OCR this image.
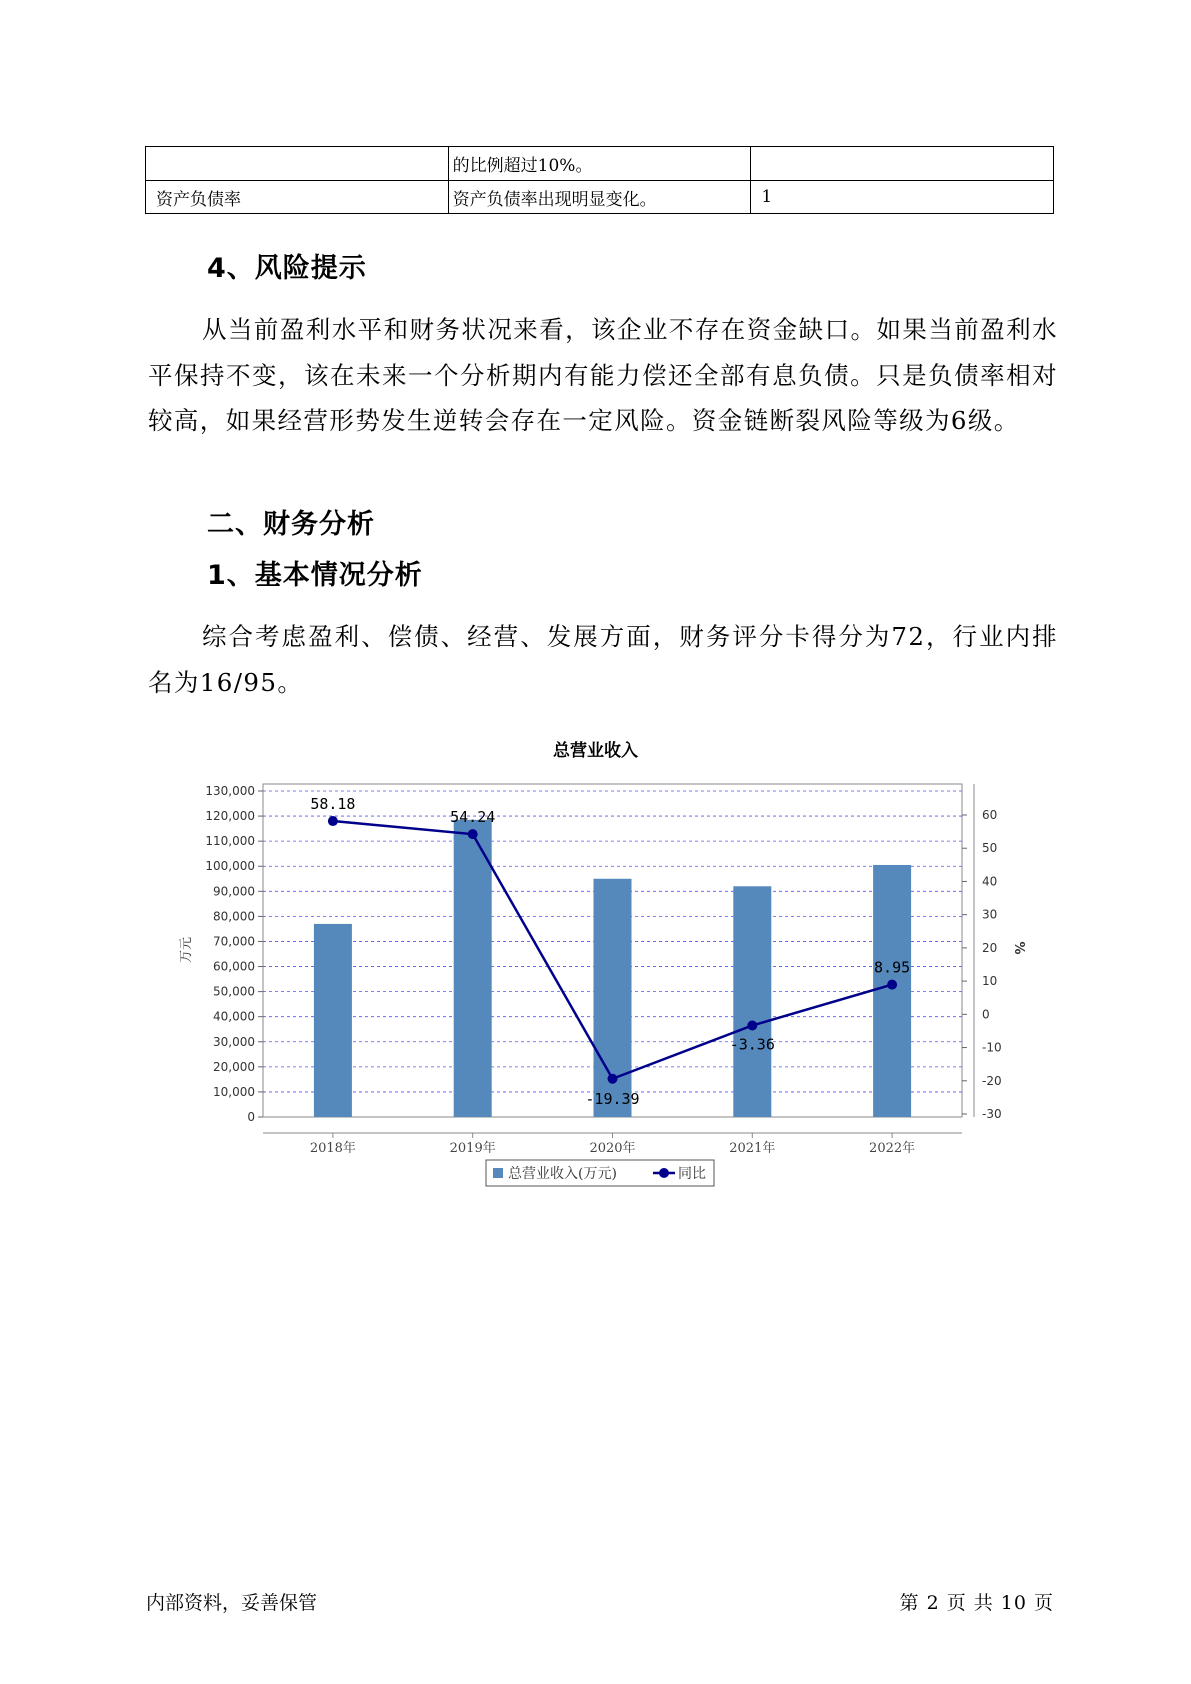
	的比例超过10%。	
资产负债率	资产负债率出现明显变化。	1
4、风险提示

从当前盈利水平和财务状况来看，该企业不存在资金缺口。如果当前盈利水平保持不变，该在未来一个分析期内有能力偿还全部有息负债。只是负债率相对较高，如果经营形势发生逆转会存在一定风险。资金链断裂风险等级为6级。

二、财务分析
1、基本情况分析

综合考虑盈利、偿债、经营、发展方面，财务评分卡得分为72，行业内排名为16/95。

总营业收入
0
10,000
20,000
30,000
40,000
50,000
60,000
70,000
80,000
90,000
100,000
110,000
120,000
130,000
-30
-20
-10
0
10
20
30
40
50
60
万元	%
2018年	2019年	2020年	2021年	2022年
58.18
54.24
-19.39
-3.36
8.95
总营业收入(万元)	同比
内部资料，妥善保管	第 2 页 共 10 页
